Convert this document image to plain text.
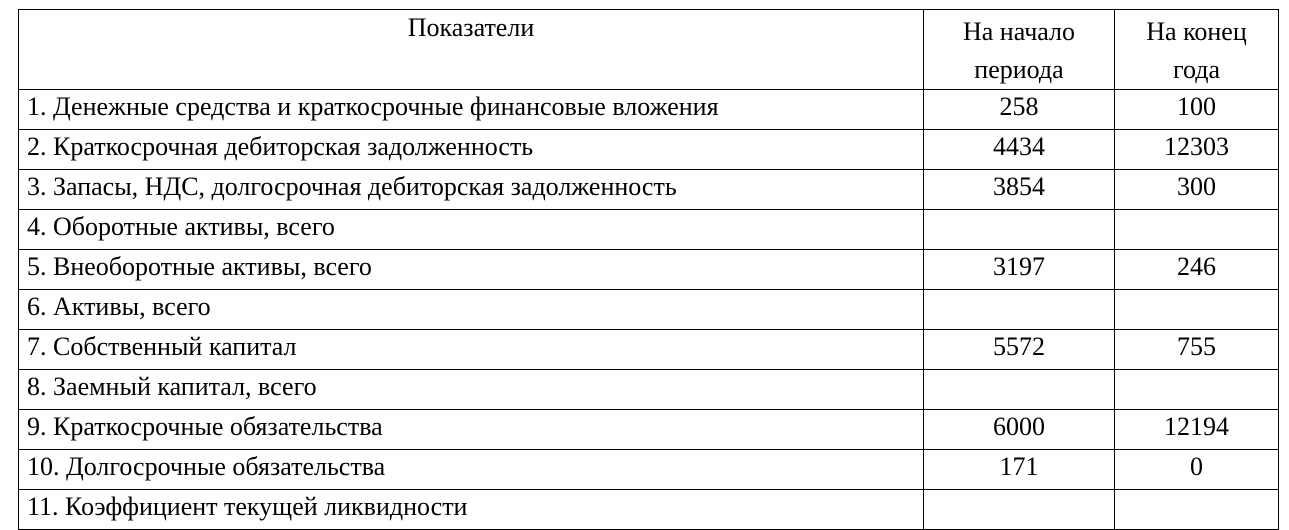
Показатели	На начало периода	На конец года
1. Денежные средства и краткосрочные финансовые вложения	258	100
2. Краткосрочная дебиторская задолженность	4434	12303
3. Запасы, НДС, долгосрочная дебиторская задолженность	3854	300
4. Оборотные активы, всего		
5. Внеоборотные активы, всего	3197	246
6. Активы, всего		
7. Собственный капитал	5572	755
8. Заемный капитал, всего		
9. Краткосрочные обязательства	6000	12194
10. Долгосрочные обязательства	171	0
11. Коэффициент текущей ликвидности		
